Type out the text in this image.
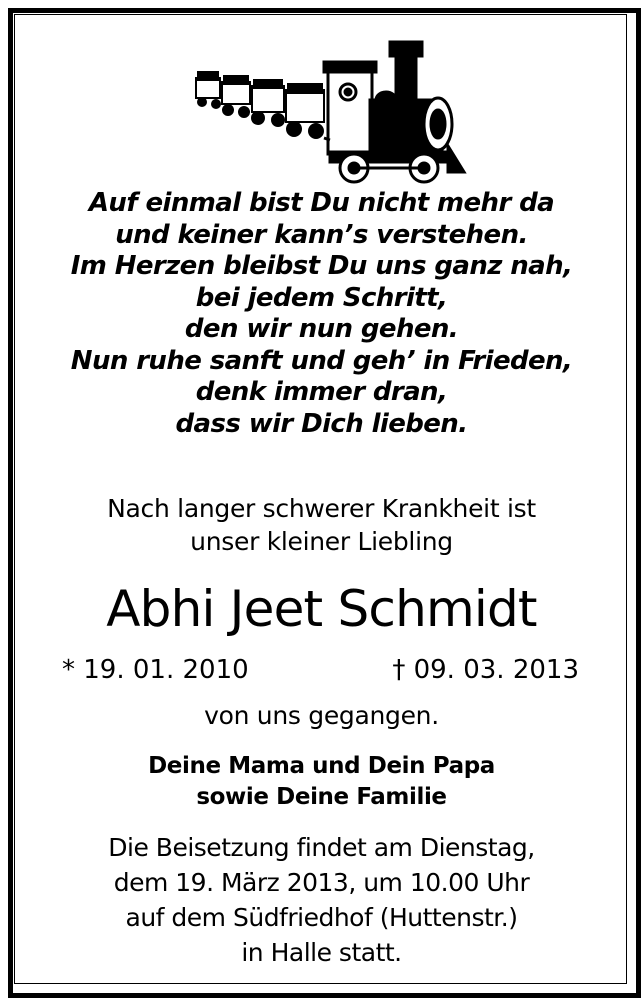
Auf einmal bist Du nicht mehr da
und keiner kann’s verstehen.
Im Herzen bleibst Du uns ganz nah,
bei jedem Schritt,
den wir nun gehen.
Nun ruhe sanft und geh’ in Frieden,
denk immer dran,
dass wir Dich lieben.
Nach langer schwerer Krankheit ist
unser kleiner Liebling
Abhi Jeet Schmidt
* 19. 01. 2010	† 09. 03. 2013
von uns gegangen.
Deine Mama und Dein Papa
sowie Deine Familie
Die Beisetzung findet am Dienstag,
dem 19. März 2013, um 10.00 Uhr
auf dem Südfriedhof (Huttenstr.)
in Halle statt.
